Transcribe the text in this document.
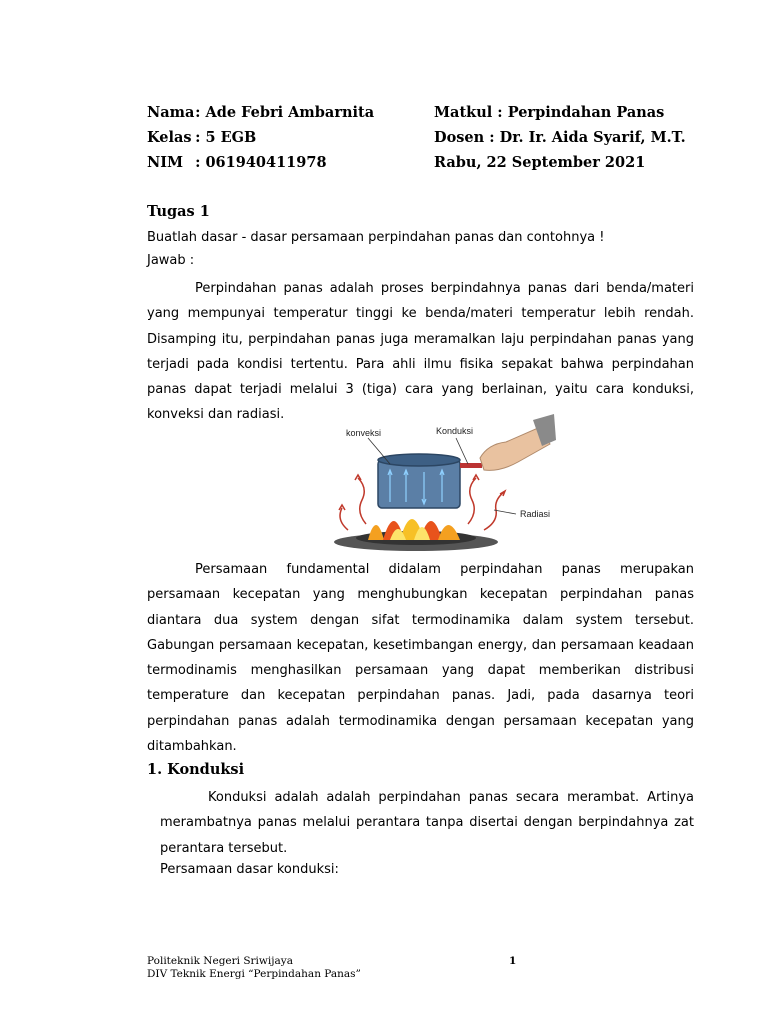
Nama : Ade Febri Ambarnita
Kelas : 5 EGB
NIM : 061940411978
Matkul : Perpindahan Panas
Dosen : Dr. Ir. Aida Syarif, M.T.
Rabu, 22 September 2021
Tugas 1
Buatlah dasar - dasar persamaan perpindahan panas dan contohnya !
Jawab :

Perpindahan panas adalah proses berpindahnya panas dari benda/materi yang mempunyai temperatur tinggi ke benda/materi temperatur lebih rendah. Disamping itu, perpindahan panas juga meramalkan laju perpindahan panas yang terjadi pada kondisi tertentu. Para ahli ilmu fisika sepakat bahwa perpindahan panas dapat terjadi melalui 3 (tiga) cara yang berlainan, yaitu cara konduksi, konveksi dan radiasi.

konveksi	Konduksi
Radiasi

Persamaan fundamental didalam perpindahan panas merupakan persamaan kecepatan yang menghubungkan kecepatan perpindahan panas diantara dua system dengan sifat termodinamika dalam system tersebut. Gabungan persamaan kecepatan, kesetimbangan energy, dan persamaan keadaan termodinamis menghasilkan persamaan yang dapat memberikan distribusi temperature dan kecepatan perpindahan panas. Jadi, pada dasarnya teori perpindahan panas adalah termodinamika dengan persamaan kecepatan yang ditambahkan.

1. Konduksi

Konduksi adalah adalah perpindahan panas secara merambat. Artinya merambatnya panas melalui perantara tanpa disertai dengan berpindahnya zat perantara tersebut.

Persamaan dasar konduksi:
Politeknik Negeri Sriwijaya
DIV Teknik Energi “Perpindahan Panas”
1
